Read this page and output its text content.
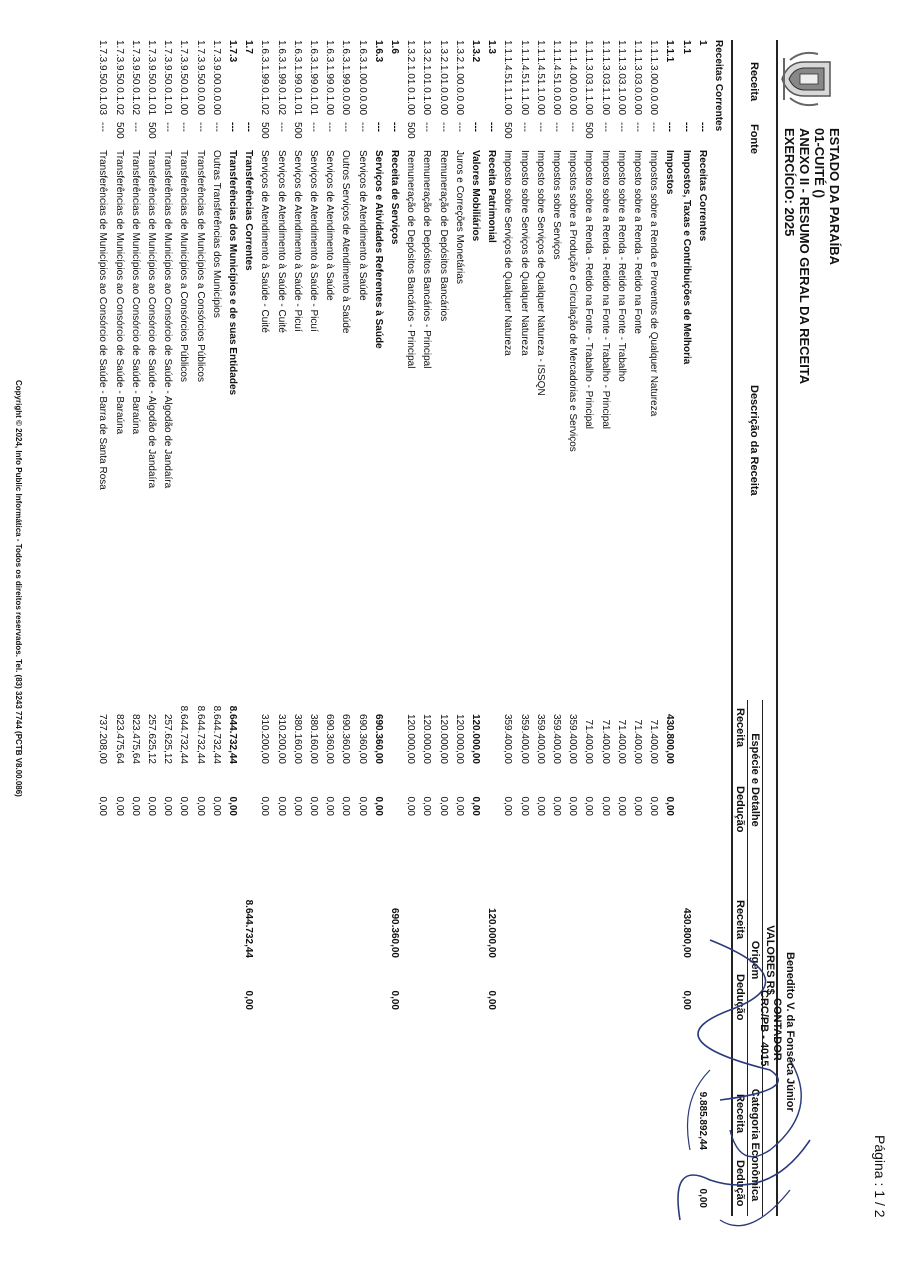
Página : 1 / 2
ESTADO DA PARAÍBA
01-CUITÉ ()
ANEXO II - RESUMO GERAL DA RECEITA
EXERCÍCIO: 2025
Receita
Fonte
Descrição da Receita
VALORES R$
Espécie e Detalhe
Origem
Categoria Econômica
Receita
Dedução
Receita
Dedução
Receita
Dedução
Receitas Correntes
1
---
Receitas Correntes
9.885.892,44
0,00
1.1
---
Impostos, Taxas e Contribuições de Melhoria
430.800,00
0,00
1.1.1
---
Impostos
430.800,00
0,00
1.1.1.3.00.0.0.00
---
Impostos sobre a Renda e Proventos de Qualquer Natureza
71.400,00
0,00
1.1.1.3.03.0.0.00
---
Imposto sobre a Renda - Retido na Fonte
71.400,00
0,00
1.1.1.3.03.1.0.00
---
Imposto sobre a Renda - Retido na Fonte - Trabalho
71.400,00
0,00
1.1.1.3.03.1.1.00
---
Imposto sobre a Renda - Retido na Fonte - Trabalho - Principal
71.400,00
0,00
1.1.1.3.03.1.1.00
500
Imposto sobre a Renda - Retido na Fonte - Trabalho - Principal
71.400,00
0,00
1.1.1.4.00.0.0.00
---
Impostos sobre a Produção e Circulação de Mercadorias e Serviços
359.400,00
0,00
1.1.1.4.51.0.0.00
---
Impostos sobre Serviços
359.400,00
0,00
1.1.1.4.51.1.0.00
---
Imposto sobre Serviços de Qualquer Natureza - ISSQN
359.400,00
0,00
1.1.1.4.51.1.1.00
---
Imposto sobre Serviços de Qualquer Natureza
359.400,00
0,00
1.1.1.4.51.1.1.00
500
Imposto sobre Serviços de Qualquer Natureza
359.400,00
0,00
1.3
---
Receita Patrimonial
120.000,00
0,00
1.3.2
---
Valores Mobiliários
120.000,00
0,00
1.3.2.1.00.0.0.00
---
Juros e Correções Monetárias
120.000,00
0,00
1.3.2.1.01.0.0.00
---
Remuneração de Depósitos Bancários
120.000,00
0,00
1.3.2.1.01.0.1.00
---
Remuneração de Depósitos Bancários - Principal
120.000,00
0,00
1.3.2.1.01.0.1.00
500
Remuneração de Depósitos Bancários - Principal
120.000,00
0,00
1.6
---
Receita de Serviços
690.360,00
0,00
1.6.3
---
Serviços e Atividades Referentes à Saúde
690.360,00
0,00
1.6.3.1.00.0.0.00
---
Serviços de Atendimento à Saúde
690.360,00
0,00
1.6.3.1.99.0.0.00
---
Outros Serviços de Atendimento à Saúde
690.360,00
0,00
1.6.3.1.99.0.1.00
---
Serviços de Atendimento à Saúde
690.360,00
0,00
1.6.3.1.99.0.1.01
---
Serviços de Atendimento à Saúde - Picuí
380.160,00
0,00
1.6.3.1.99.0.1.01
500
Serviços de Atendimento à Saúde - Picuí
380.160,00
0,00
1.6.3.1.99.0.1.02
---
Serviços de Atendimento à Saúde - Cuité
310.200,00
0,00
1.6.3.1.99.0.1.02
500
Serviços de Atendimento à Saúde - Cuité
310.200,00
0,00
1.7
---
Transferências Correntes
8.644.732,44
0,00
1.7.3
---
Transferências dos Municípios e de suas Entidades
8.644.732,44
0,00
1.7.3.9.00.0.0.00
---
Outras Transferências dos Municípios
8.644.732,44
0,00
1.7.3.9.50.0.0.00
---
Transferências de Municípios a Consórcios Públicos
8.644.732,44
0,00
1.7.3.9.50.0.1.00
---
Transferências de Municípios a Consórcios Públicos
8.644.732,44
0,00
1.7.3.9.50.0.1.01
---
Transferências de Municípios ao Consórcio de Saúde - Algodão de Jandaíra
257.625,12
0,00
1.7.3.9.50.0.1.01
500
Transferências de Municípios ao Consórcio de Saúde - Algodão de Jandaíra
257.625,12
0,00
1.7.3.9.50.0.1.02
---
Transferências de Municípios ao Consórcio de Saúde - Baraúna
823.475,64
0,00
1.7.3.9.50.0.1.02
500
Transferências de Municípios ao Consórcio de Saúde - Baraúna
823.475,64
0,00
1.7.3.9.50.0.1.03
---
Transferências de Municípios ao Consórcio de Saúde - Barra de Santa Rosa
737.208,00
0,00
Benedito V. da Fonsêca Júnior
CONTADOR
CRC/PB - 4015
Copyright © 2024, Info Public Informática - Todos os direitos reservados. Tel. (83) 3243 7744 (PCTB V8.00.086)
